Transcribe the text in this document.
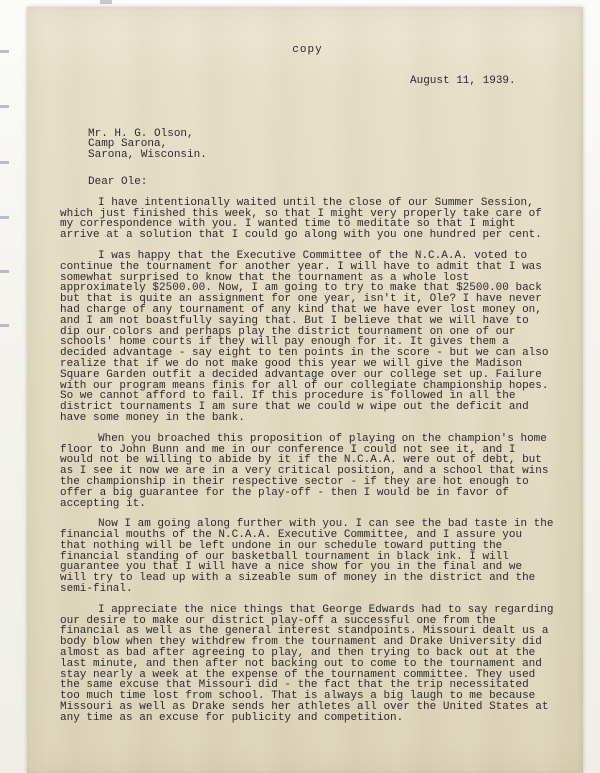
copy
August 11, 1939.
Mr. H. G. Olson,
Camp Sarona,
Sarona, Wisconsin.
Dear Ole:

I have intentionally waited until the close of our Summer Session, which just finished this week, so that I might very properly take care of my correspondence with you. I wanted time to meditate so that I might arrive at a solution that I could go along with you one hundred per cent.

I was happy that the Executive Committee of the N.C.A.A. voted to continue the tournament for another year. I will have to admit that I was somewhat surprised to know that the tournament as a whole lost approximately $2500.00. Now, I am going to try to make that $2500.00 back but that is quite an assignment for one year, isn't it, Ole? I have never had charge of any tournament of any kind that we have ever lost money on, and I am not boastfully saying that. But I believe that we will have to dip our colors and perhaps play the district tournament on one of our schools' home courts if they will pay enough for it. It gives them a decided advantage - say eight to ten points in the score - but we can also realize that if we do not make good this year we will give the Madison Square Garden outfit a decided advantage over our college set up. Failure with our program means finis for all of our collegiate championship hopes. So we cannot afford to fail. If this procedure is followed in all the district tournaments I am sure that we could w wipe out the deficit and have some money in the bank.

When you broached this proposition of playing on the champion's home floor to John Bunn and me in our conference I could not see it, and I would not be willing to abide by it if the N.C.A.A. were out of debt, but as I see it now we are in a very critical position, and a school that wins the championship in their respective sector - if they are hot enough to offer a big guarantee for the play-off - then I would be in favor of accepting it.

Now I am going along further with you. I can see the bad taste in the financial mouths of the N.C.A.A. Executive Committee, and I assure you that nothing will be left undone in our schedule toward putting the financial standing of our basketball tournament in black ink. I will guarantee you that I will have a nice show for you in the final and we will try to lead up with a sizeable sum of money in the district and the semi-final.

I appreciate the nice things that George Edwards had to say regarding our desire to make our district play-off a successful one from the financial as well as the general interest standpoints. Missouri dealt us a body blow when they withdrew from the tournament and Drake University did almost as bad after agreeing to play, and then trying to back out at the last minute, and then after not backing out to come to the tournament and stay nearly a week at the expense of the tournament committee. They used the same excuse that Missouri did - the fact that the trip necessitated too much time lost from school. That is always a big laugh to me because Missouri as well as Drake sends her athletes all over the United States at any time as an excuse for publicity and competition.
